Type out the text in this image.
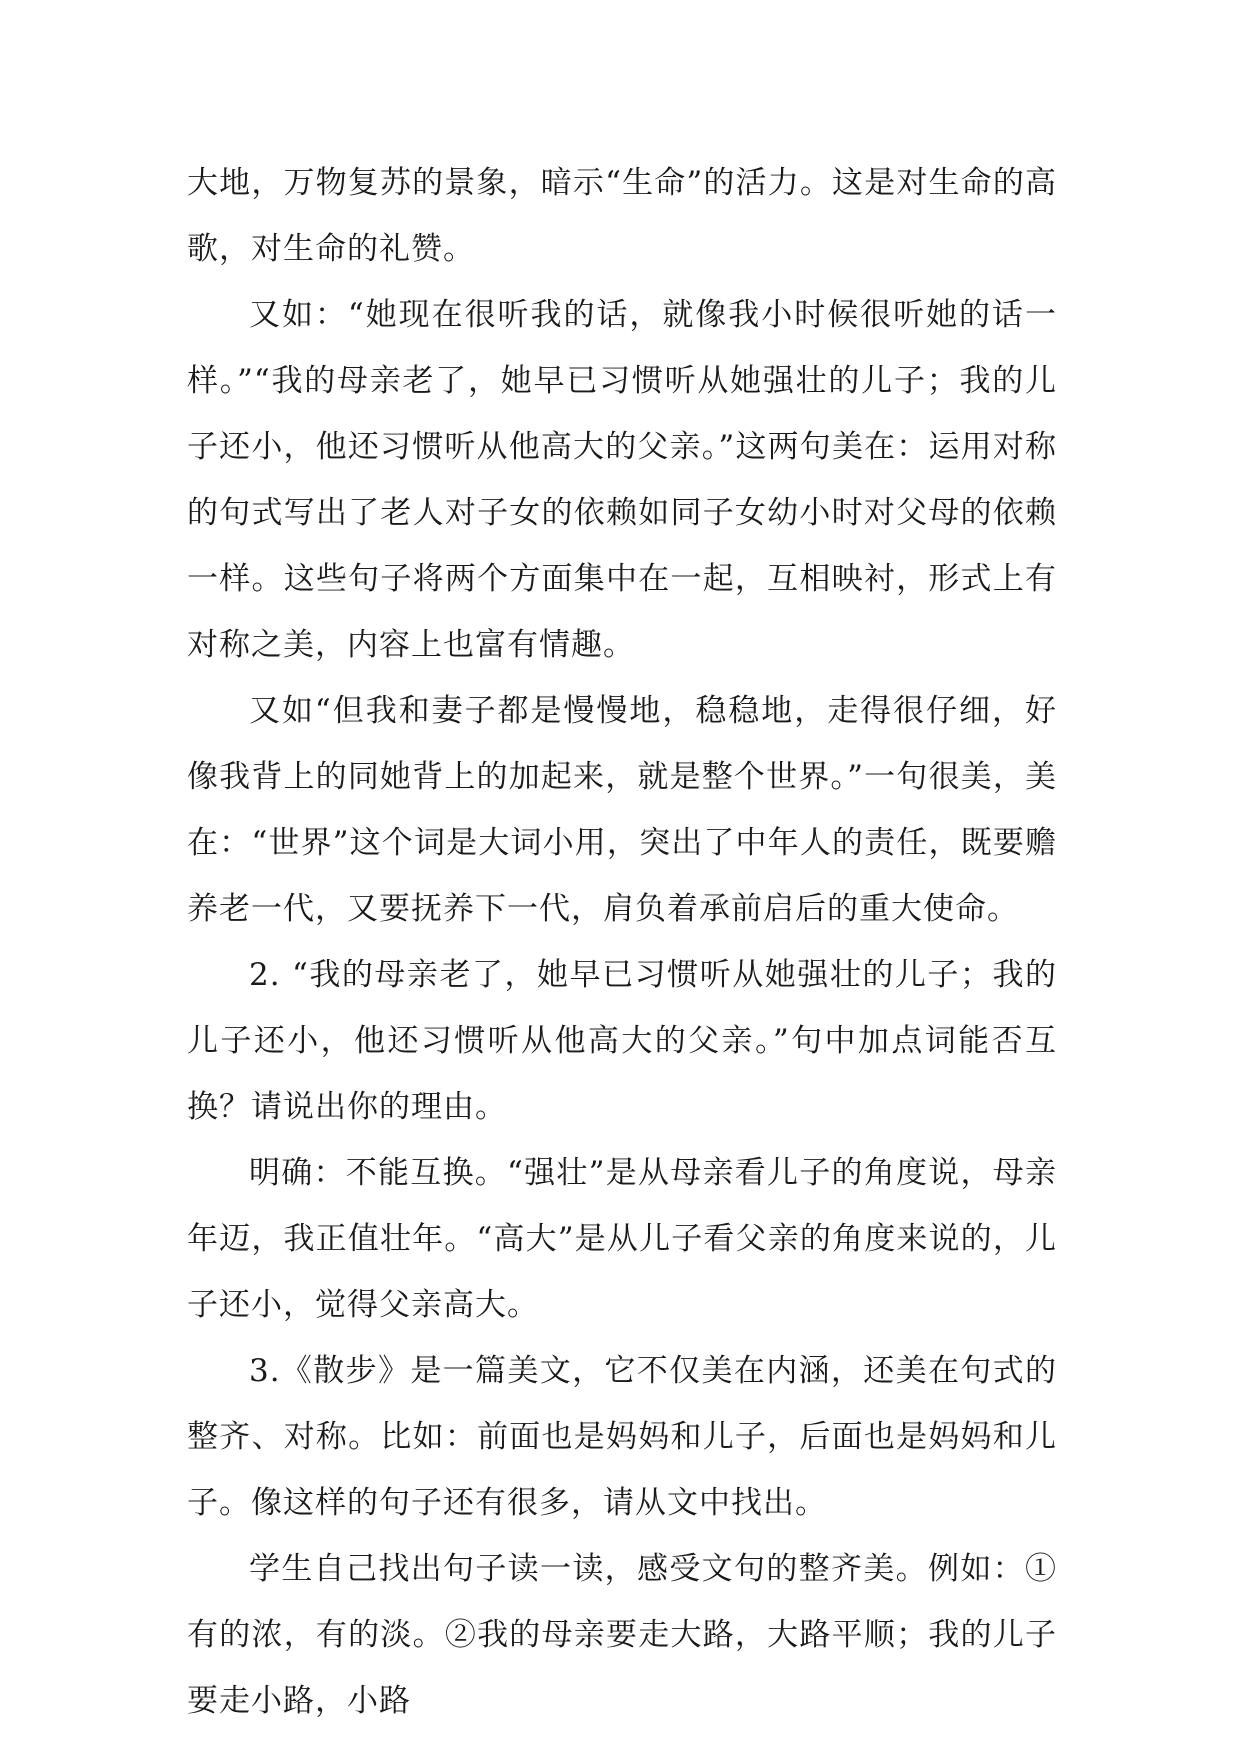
大地，万物复苏的景象，暗示“生命”的活力。这是对生命的高歌，对生命的礼赞。

又如：“她现在很听我的话，就像我小时候很听她的话一样。”“我的母亲老了，她早已习惯听从她强壮的儿子；我的儿子还小，他还习惯听从他高大的父亲。”这两句美在：运用对称的句式写出了老人对子女的依赖如同子女幼小时对父母的依赖一样。这些句子将两个方面集中在一起，互相映衬，形式上有对称之美，内容上也富有情趣。

又如“但我和妻子都是慢慢地，稳稳地，走得很仔细，好像我背上的同她背上的加起来，就是整个世界。”一句很美，美在：“世界”这个词是大词小用，突出了中年人的责任，既要赡养老一代，又要抚养下一代，肩负着承前启后的重大使命。

2. “我的母亲老了，她早已习惯听从她强壮的儿子；我的儿子还小，他还习惯听从他高大的父亲。”句中加点词能否互换？请说出你的理由。

明确：不能互换。“强壮”是从母亲看儿子的角度说，母亲年迈，我正值壮年。“高大”是从儿子看父亲的角度来说的，儿子还小，觉得父亲高大。

3.《散步》是一篇美文，它不仅美在内涵，还美在句式的整齐、对称。比如：前面也是妈妈和儿子，后面也是妈妈和儿子。像这样的句子还有很多，请从文中找出。

学生自己找出句子读一读，感受文句的整齐美。例如：①有的浓，有的淡。②我的母亲要走大路，大路平顺；我的儿子要走小路，小路
